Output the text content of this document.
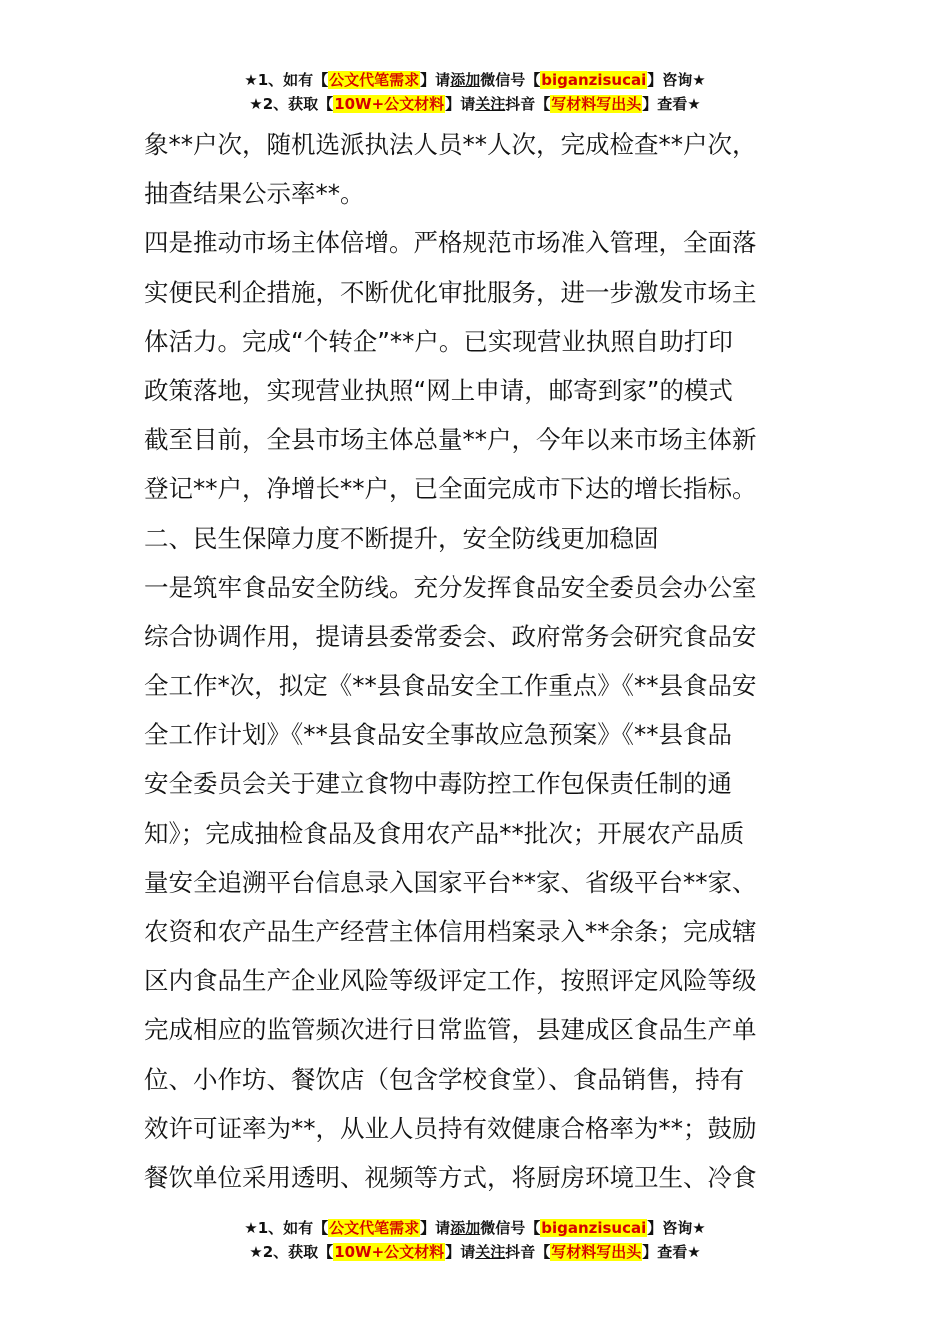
★1、如有【公文代笔需求】请添加微信号【biganzisucai】咨询★
★2、获取【10W+公文材料】请关注抖音【写材料写出头】查看★
象**户次，随机选派执法人员**人次，完成检查**户次，
抽查结果公示率**。
四是推动市场主体倍增。严格规范市场准入管理，全面落
实便民利企措施，不断优化审批服务，进一步激发市场主
体活力。完成“个转企”**户。已实现营业执照自助打印
政策落地，实现营业执照“网上申请，邮寄到家”的模式
截至目前，全县市场主体总量**户，今年以来市场主体新
登记**户，净增长**户，已全面完成市下达的增长指标。
二、民生保障力度不断提升，安全防线更加稳固
一是筑牢食品安全防线。充分发挥食品安全委员会办公室
综合协调作用，提请县委常委会、政府常务会研究食品安
全工作*次，拟定《**县食品安全工作重点》《**县食品安
全工作计划》《**县食品安全事故应急预案》《**县食品
安全委员会关于建立食物中毒防控工作包保责任制的通
知》；完成抽检食品及食用农产品**批次；开展农产品质
量安全追溯平台信息录入国家平台**家、省级平台**家、
农资和农产品生产经营主体信用档案录入**余条；完成辖
区内食品生产企业风险等级评定工作，按照评定风险等级
完成相应的监管频次进行日常监管，县建成区食品生产单
位、小作坊、餐饮店（包含学校食堂）、食品销售，持有
效许可证率为**，从业人员持有效健康合格率为**；鼓励
餐饮单位采用透明、视频等方式，将厨房环境卫生、冷食
★1、如有【公文代笔需求】请添加微信号【biganzisucai】咨询★
★2、获取【10W+公文材料】请关注抖音【写材料写出头】查看★
